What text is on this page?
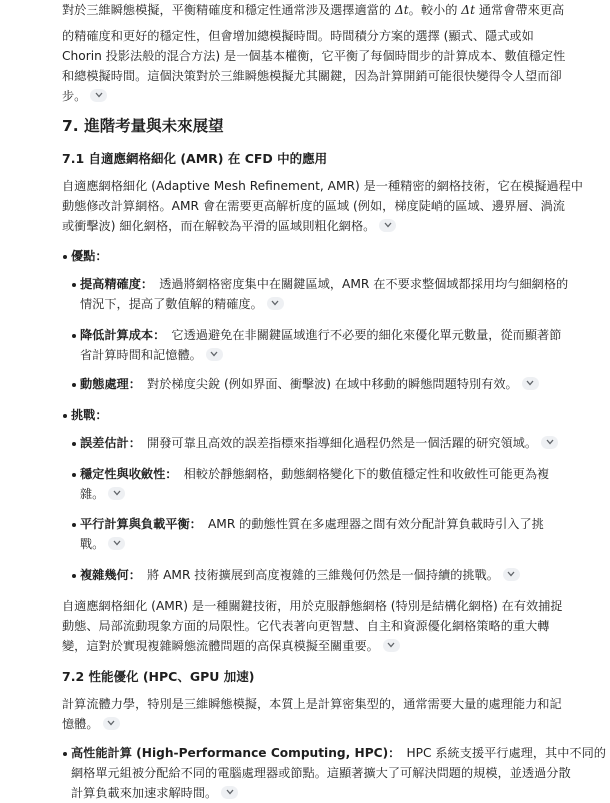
對於三維瞬態模擬，平衡精確度和穩定性通常涉及選擇適當的 Δt。較小的 Δt 通常會帶來更高
的精確度和更好的穩定性，但會增加總模擬時間。時間積分方案的選擇 (顯式、隱式或如
Chorin 投影法般的混合方法) 是一個基本權衡，它平衡了每個時間步的計算成本、數值穩定性
和總模擬時間。這個決策對於三維瞬態模擬尤其關鍵，因為計算開銷可能很快變得令人望而卻
步。
7. 進階考量與未來展望
7.1 自適應網格細化 (AMR) 在 CFD 中的應用
自適應網格細化 (Adaptive Mesh Refinement, AMR) 是一種精密的網格技術，它在模擬過程中
動態修改計算網格。AMR 會在需要更高解析度的區域 (例如，梯度陡峭的區域、邊界層、渦流
或衝擊波) 細化網格，而在解較為平滑的區域則粗化網格。
優點：
提高精確度：　 透過將網格密度集中在關鍵區域，AMR 在不要求整個域都採用均勻細網格的
情況下，提高了數值解的精確度。
降低計算成本：　 它透過避免在非關鍵區域進行不必要的細化來優化單元數量，從而顯著節
省計算時間和記憶體。
動態處理：　 對於梯度尖銳 (例如界面、衝擊波) 在域中移動的瞬態問題特別有效。
挑戰：
誤差估計：　 開發可靠且高效的誤差指標來指導細化過程仍然是一個活躍的研究領域。
穩定性與收斂性：　 相較於靜態網格，動態網格變化下的數值穩定性和收斂性可能更為複
雜。
平行計算與負載平衡：　 AMR 的動態性質在多處理器之間有效分配計算負載時引入了挑
戰。
複雜幾何：　 將 AMR 技術擴展到高度複雜的三維幾何仍然是一個持續的挑戰。
自適應網格細化 (AMR) 是一種關鍵技術，用於克服靜態網格 (特別是結構化網格) 在有效捕捉
動態、局部流動現象方面的局限性。它代表著向更智慧、自主和資源優化網格策略的重大轉
變，這對於實現複雜瞬態流體問題的高保真模擬至關重要。
7.2 性能優化 (HPC、GPU 加速)
計算流體力學，特別是三維瞬態模擬，本質上是計算密集型的，通常需要大量的處理能力和記
憶體。
高性能計算 (High-Performance Computing, HPC)：　 HPC 系統支援平行處理，其中不同的
網格單元組被分配給不同的電腦處理器或節點。這顯著擴大了可解決問題的規模，並透過分散
計算負載來加速求解時間。
